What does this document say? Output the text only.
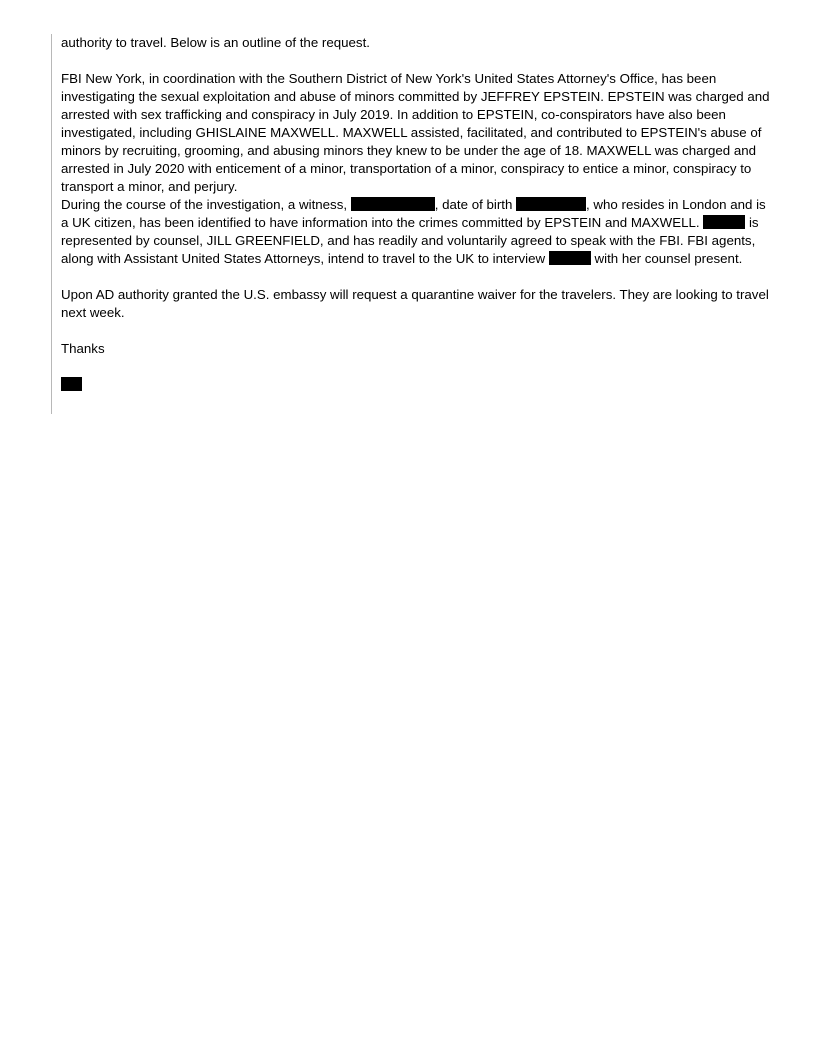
authority to travel. Below is an outline of the request.

FBI New York, in coordination with the Southern District of New York's United States Attorney's Office, has been investigating the sexual exploitation and abuse of minors committed by JEFFREY EPSTEIN. EPSTEIN was charged and arrested with sex trafficking and conspiracy in July 2019. In addition to EPSTEIN, co-conspirators have also been investigated, including GHISLAINE MAXWELL. MAXWELL assisted, facilitated, and contributed to EPSTEIN's abuse of minors by recruiting, grooming, and abusing minors they knew to be under the age of 18. MAXWELL was charged and arrested in July 2020 with enticement of a minor, transportation of a minor, conspiracy to entice a minor, conspiracy to transport a minor, and perjury.

During the course of the investigation, a witness,	, date of birth	, who resides in London and is a UK citizen, has been identified to have information into the crimes committed by EPSTEIN and MAXWELL.	is represented by counsel, JILL GREENFIELD, and has readily and voluntarily agreed to speak with the FBI. FBI agents, along with Assistant United States Attorneys, intend to travel to the UK to interview	with her counsel present.

Upon AD authority granted the U.S. embassy will request a quarantine waiver for the travelers. They are looking to travel next week.

Thanks
